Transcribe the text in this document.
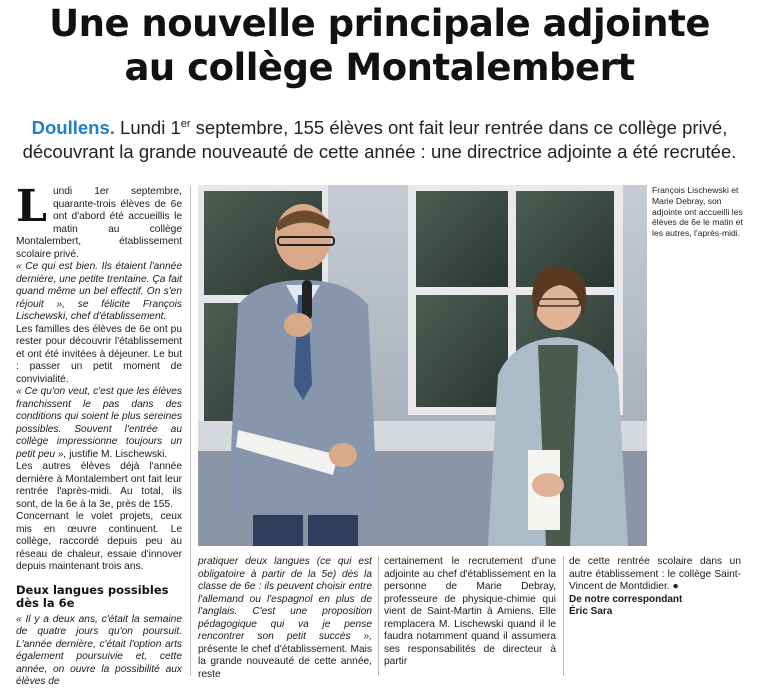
Une nouvelle principale adjointe
au collège Montalembert
Doullens. Lundi 1er septembre, 155 élèves ont fait leur rentrée dans ce collège privé,
découvrant la grande nouveauté de cette année : une directrice adjointe a été recrutée.
L undi 1er septembre, quarante-trois élèves de 6e ont d'abord été accueillis le matin au collège Montalembert, établissement scolaire privé.

« Ce qui est bien. Ils étaient l'année dernière, une petite trentaine. Ça fait quand même un bel effectif. On s'en réjouit », se félicite François Lischewski, chef d'établissement.

Les familles des élèves de 6e ont pu rester pour découvrir l'établissement et ont été invitées à déjeuner. Le but : passer un petit moment de convivialité.

« Ce qu'on veut, c'est que les élèves franchissent le pas dans des conditions qui soient le plus sereines possibles. Souvent l'entrée au collège impressionne toujours un petit peu », justifie M. Lischewski.

Les autres élèves déjà l'année dernière à Montalembert ont fait leur rentrée l'après-midi. Au total, ils sont, de la 6e à la 3e, près de 155.

Concernant le volet projets, ceux mis en œuvre continuent. Le collège, raccordé depuis peu au réseau de chaleur, essaie d'innover depuis maintenant trois ans.

Deux langues possibles
dès la 6e

« Il y a deux ans, c'était la semaine de quatre jours qu'on poursuit. L'année dernière, c'était l'option arts également poursuivie et, cette année, on ouvre la possibilité aux élèves de

François Lischewski et Marie Debray, son adjointe ont accueilli les élèves de 6e le matin et les autres, l'après-midi.

pratiquer deux langues (ce qui est obligatoire à partir de la 5e) dès la classe de 6e : ils peuvent choisir entre l'allemand ou l'espagnol en plus de l'anglais. C'est une proposition pédagogique qui va je pense rencontrer son petit succès », présente le chef d'établissement. Mais la grande nouveauté de cette année, reste

certainement le recrutement d'une adjointe au chef d'établissement en la personne de Marie Debray, professeure de physique-chimie qui vient de Saint-Martin à Amiens. Elle remplacera M. Lischewski quand il le faudra notamment quand il assumera ses responsabilités de directeur à partir

de cette rentrée scolaire dans un autre établissement : le collège Saint-Vincent de Montdidier. ●

De notre correspondant
Éric Sara
